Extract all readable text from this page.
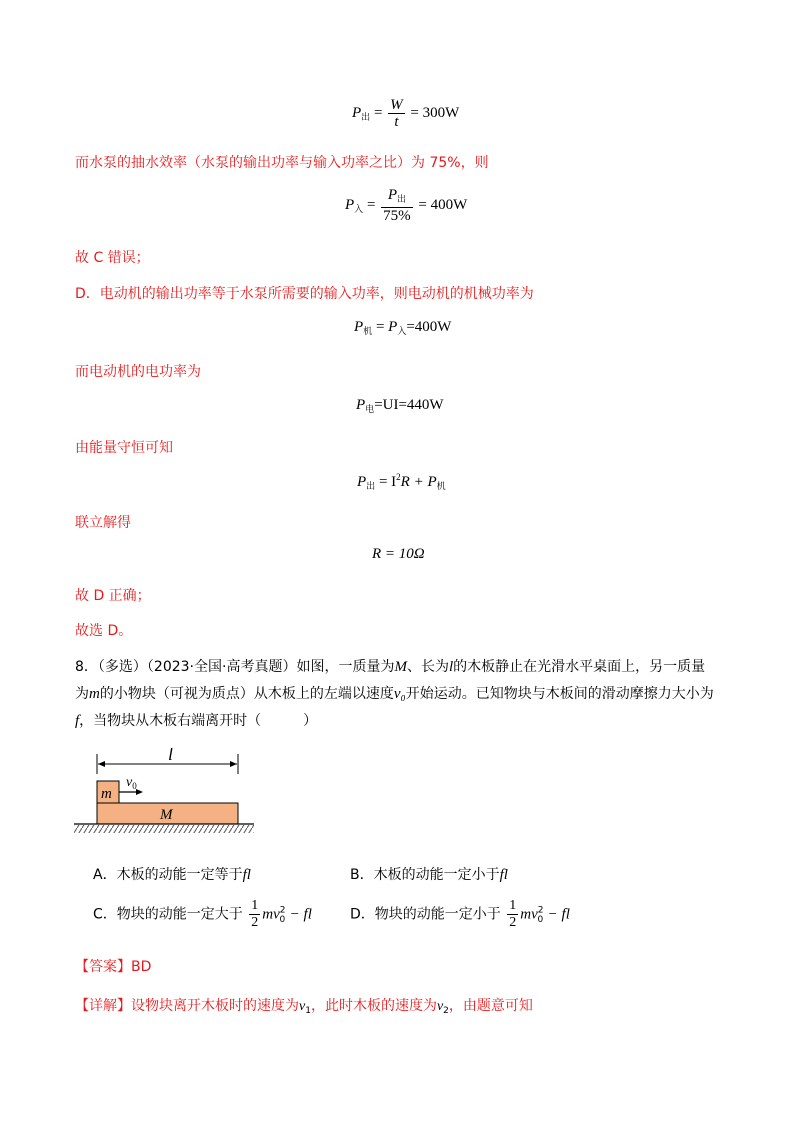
$P_出 = \frac{W}{t} = 300W$
而水泵的抽水效率（水泵的输出功率与输入功率之比）为 75%，则
$P_入 = \frac{P_出}{75\%} = 400W$
故 C 错误；
D．电动机的输出功率等于水泵所需要的输入功率，则电动机的机械功率为
$P_机 = P_入=400W$
而电动机的电功率为
$P_电=UI=440W$
由能量守恒可知
$P_出 = I^2R + P_机$
联立解得
R = 10Ω
故 D 正确；
故选 D。
8．（多选）（2023·全国·高考真题）如图，一质量为M、长为l的木板静止在光滑水平桌面上，另一质量
为m的小物块（可视为质点）从木板上的左端以速度v₀开始运动。已知物块与木板间的滑动摩擦力大小为
f，当物块从木板右端离开时（　　　）
l
m
$v_0$
M
A．木板的动能一定等于fl	B．木板的动能一定小于fl
C．物块的动能一定大于 $\frac{1}{2} mv^2_0$ − fl	D．物块的动能一定小于 $\frac{1}{2} mv^2_0$ − fl
【答案】BD
【详解】设物块离开木板时的速度为$v_1$，此时木板的速度为$v_2$，由题意可知
